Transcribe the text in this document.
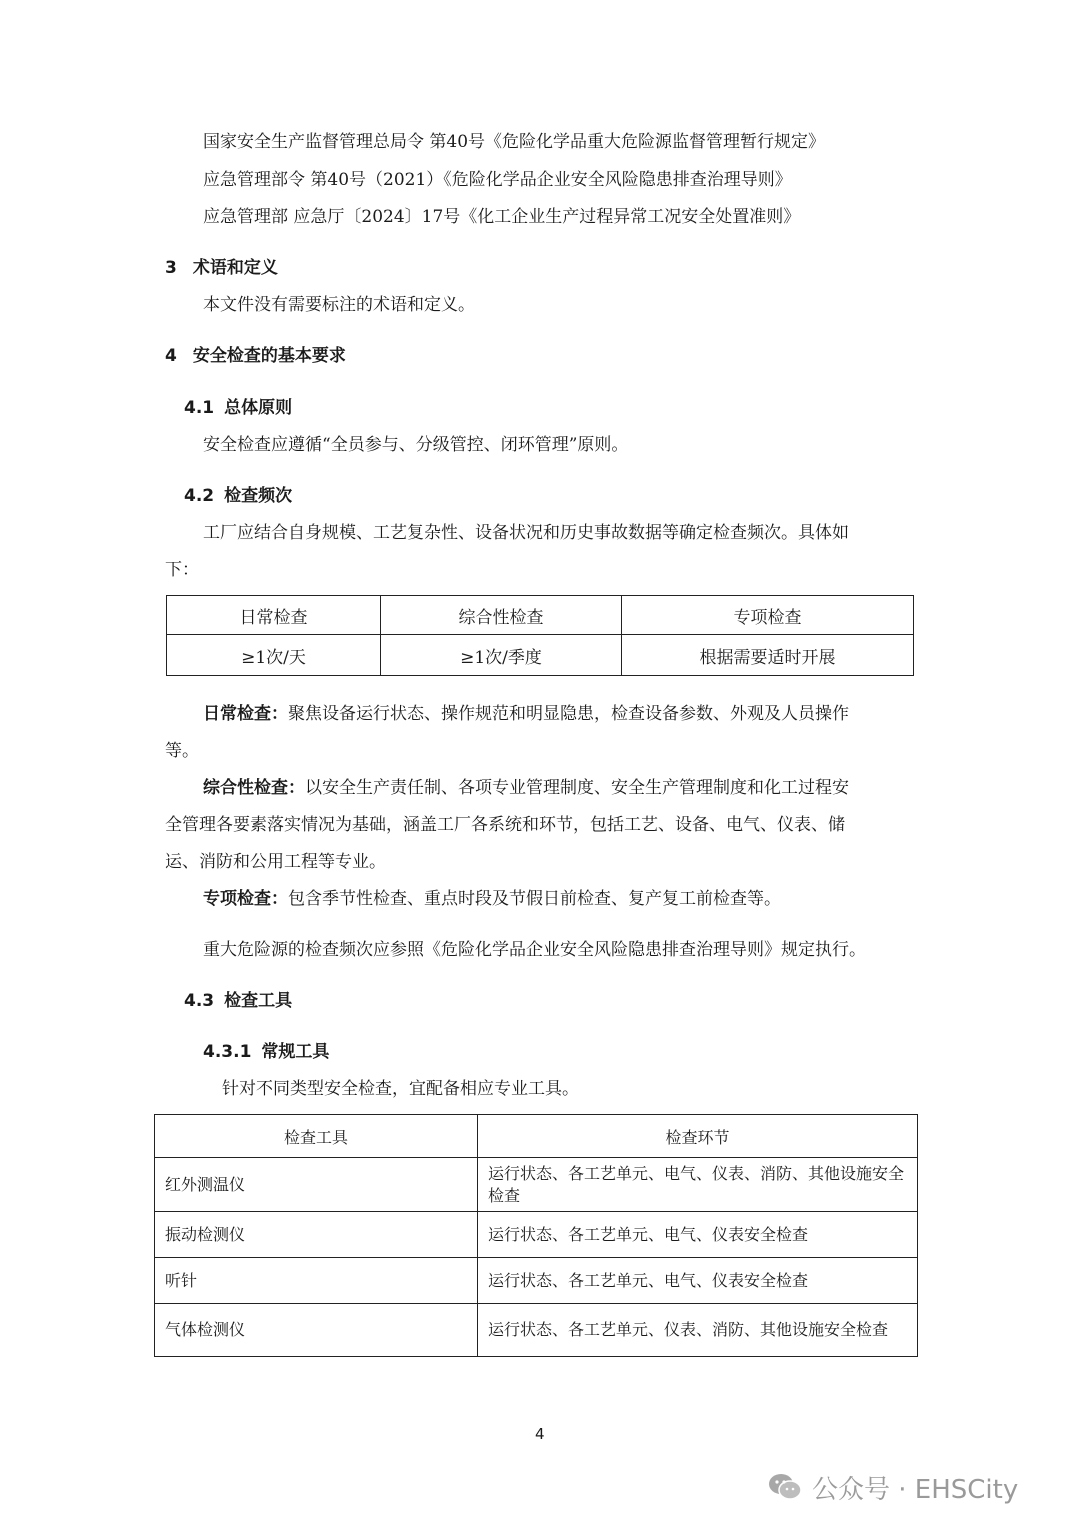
国家安全生产监督管理总局令 第40号《危险化学品重大危险源监督管理暂行规定》
应急管理部令 第40号（2021）《危险化学品企业安全风险隐患排查治理导则》
应急管理部 应急厅〔2024〕17号《化工企业生产过程异常工况安全处置准则》
3 术语和定义
本文件没有需要标注的术语和定义。
4 安全检查的基本要求
4.1 总体原则
安全检查应遵循“全员参与、分级管控、闭环管理”原则。
4.2 检查频次
工厂应结合自身规模、工艺复杂性、设备状况和历史事故数据等确定检查频次。具体如
下：
日常检查	综合性检查	专项检查
≥1次/天	≥1次/季度	根据需要适时开展
日常检查：聚焦设备运行状态、操作规范和明显隐患，检查设备参数、外观及人员操作
等。
综合性检查：以安全生产责任制、各项专业管理制度、安全生产管理制度和化工过程安
全管理各要素落实情况为基础，涵盖工厂各系统和环节，包括工艺、设备、电气、仪表、储
运、消防和公用工程等专业。
专项检查：包含季节性检查、重点时段及节假日前检查、复产复工前检查等。
重大危险源的检查频次应参照《危险化学品企业安全风险隐患排查治理导则》规定执行。
4.3 检查工具
4.3.1 常规工具
针对不同类型安全检查，宜配备相应专业工具。
检查工具	检查环节
红外测温仪	运行状态、各工艺单元、电气、仪表、消防、其他设施安全检查
振动检测仪	运行状态、各工艺单元、电气、仪表安全检查
听针	运行状态、各工艺单元、电气、仪表安全检查
气体检测仪	运行状态、各工艺单元、仪表、消防、其他设施安全检查
4
公众号 · EHSCity
